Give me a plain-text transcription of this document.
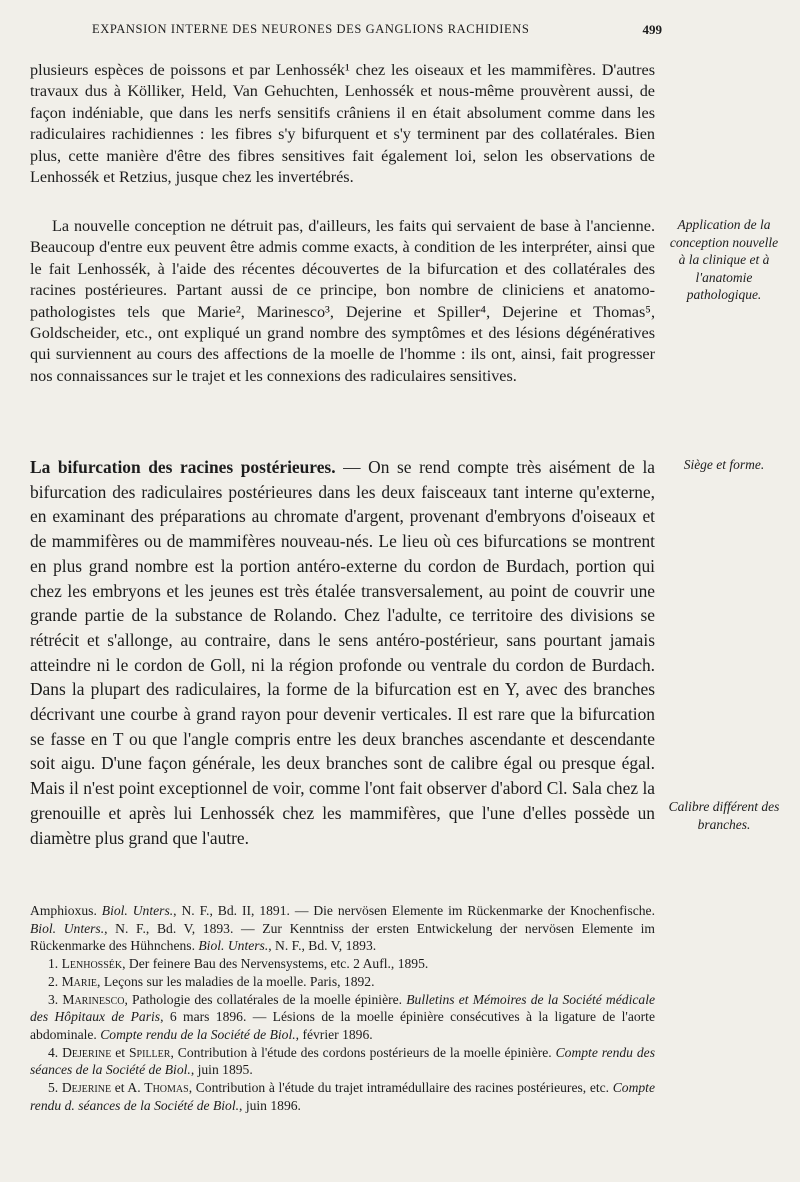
EXPANSION INTERNE DES NEURONES DES GANGLIONS RACHIDIENS	499

plusieurs espèces de poissons et par Lenhossék¹ chez les oiseaux et les mammifères. D'autres travaux dus à Kölliker, Held, Van Gehuchten, Lenhossék et nous-même prouvèrent aussi, de façon indéniable, que dans les nerfs sensitifs crâniens il en était absolument comme dans les radiculaires rachidiennes : les fibres s'y bifurquent et s'y terminent par des collatérales. Bien plus, cette manière d'être des fibres sensitives fait également loi, selon les observations de Lenhossék et Retzius, jusque chez les invertébrés.

La nouvelle conception ne détruit pas, d'ailleurs, les faits qui servaient de base à l'ancienne. Beaucoup d'entre eux peuvent être admis comme exacts, à condition de les interpréter, ainsi que le fait Lenhossék, à l'aide des récentes découvertes de la bifurcation et des collatérales des racines postérieures. Partant aussi de ce principe, bon nombre de cliniciens et anatomo-pathologistes tels que Marie², Marinesco³, Dejerine et Spiller⁴, Dejerine et Thomas⁵, Goldscheider, etc., ont expliqué un grand nombre des symptômes et des lésions dégénératives qui surviennent au cours des affections de la moelle de l'homme : ils ont, ainsi, fait progresser nos connaissances sur le trajet et les connexions des radiculaires sensitives.

La bifurcation des racines postérieures. — On se rend compte très aisément de la bifurcation des radiculaires postérieures dans les deux faisceaux tant interne qu'externe, en examinant des préparations au chromate d'argent, provenant d'embryons d'oiseaux et de mammifères ou de mammifères nouveau-nés. Le lieu où ces bifurcations se montrent en plus grand nombre est la portion antéro-externe du cordon de Burdach, portion qui chez les embryons et les jeunes est très étalée transversalement, au point de couvrir une grande partie de la substance de Rolando. Chez l'adulte, ce territoire des divisions se rétrécit et s'allonge, au contraire, dans le sens antéro-postérieur, sans pourtant jamais atteindre ni le cordon de Goll, ni la région profonde ou ventrale du cordon de Burdach. Dans la plupart des radiculaires, la forme de la bifurcation est en Y, avec des branches décrivant une courbe à grand rayon pour devenir verticales. Il est rare que la bifurcation se fasse en T ou que l'angle compris entre les deux branches ascendante et descendante soit aigu. D'une façon générale, les deux branches sont de calibre égal ou presque égal. Mais il n'est point exceptionnel de voir, comme l'ont fait observer d'abord Cl. Sala chez la grenouille et après lui Lenhossék chez les mammifères, que l'une d'elles possède un diamètre plus grand que l'autre.

Application de la conception nouvelle à la clinique et à l'anatomie pathologique.
Siège et forme.
Calibre différent des branches.

Amphioxus. Biol. Unters., N. F., Bd. II, 1891. — Die nervösen Elemente im Rückenmarke der Knochenfische. Biol. Unters., N. F., Bd. V, 1893. — Zur Kenntniss der ersten Entwickelung der nervösen Elemente im Rückenmarke des Hühnchens. Biol. Unters., N. F., Bd. V, 1893.

1. Lenhossék, Der feinere Bau des Nervensystems, etc. 2 Aufl., 1895.

2. Marie, Leçons sur les maladies de la moelle. Paris, 1892.

3. Marinesco, Pathologie des collatérales de la moelle épinière. Bulletins et Mémoires de la Société médicale des Hôpitaux de Paris, 6 mars 1896. — Lésions de la moelle épinière consécutives à la ligature de l'aorte abdominale. Compte rendu de la Société de Biol., février 1896.

4. Dejerine et Spiller, Contribution à l'étude des cordons postérieurs de la moelle épinière. Compte rendu des séances de la Société de Biol., juin 1895.

5. Dejerine et A. Thomas, Contribution à l'étude du trajet intramédullaire des racines postérieures, etc. Compte rendu d. séances de la Société de Biol., juin 1896.
